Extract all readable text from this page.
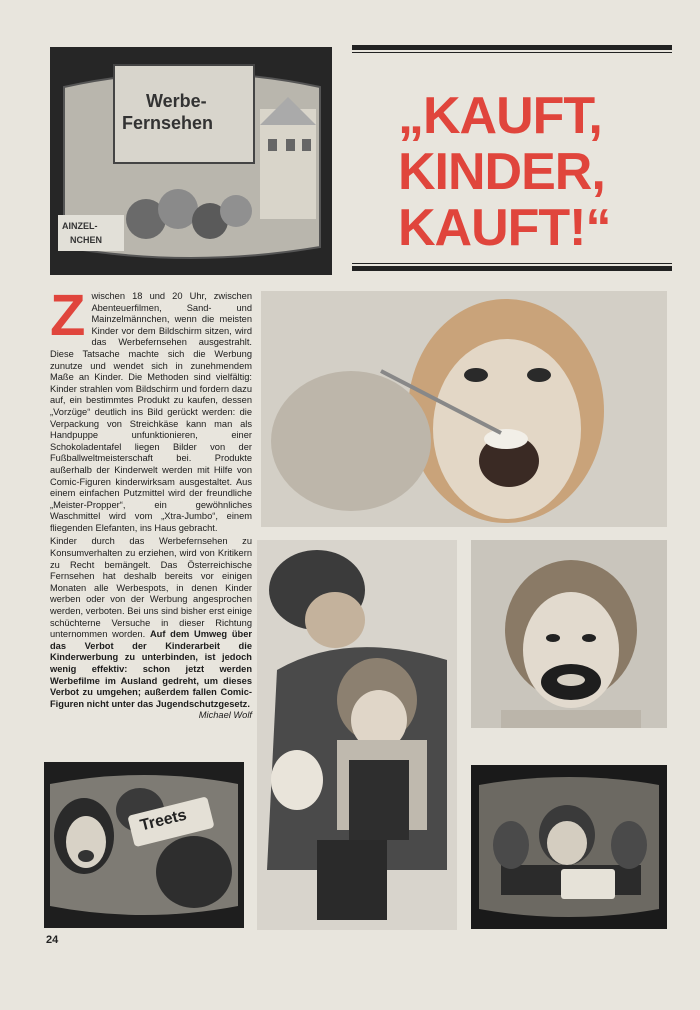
Werbe-
Fernsehen
AINZEL-
NCHEN
„KAUFT,
KINDER,
KAUFT!“
Z wischen 18 und 20 Uhr, zwischen Abenteuerfilmen, Sand- und Mainzelmännchen, wenn die meisten Kinder vor dem Bildschirm sitzen, wird das Werbefernsehen ausgestrahlt. Diese Tatsache machte sich die Werbung zunutze und wendet sich in zunehmendem Maße an Kinder. Die Methoden sind vielfältig: Kinder strahlen vom Bildschirm und fordern dazu auf, ein bestimmtes Produkt zu kaufen, dessen „Vorzüge“ deutlich ins Bild gerückt werden: die Verpackung von Streichkäse kann man als Handpuppe unfunktionieren, einer Schokoladentafel liegen Bilder von der Fußballweltmeisterschaft bei. Produkte außerhalb der Kinderwelt werden mit Hilfe von Comic-Figuren kinderwirksam ausgestaltet. Aus einem einfachen Putzmittel wird der freundliche „Meister-Propper“, ein gewöhnliches Waschmittel wird vom „Xtra-Jumbo“, einem fliegenden Elefanten, ins Haus gebracht.
Kinder durch das Werbefernsehen zu Konsumverhalten zu erziehen, wird von Kritikern zu Recht bemängelt. Das Österreichische Fernsehen hat deshalb bereits vor einigen Monaten alle Werbespots, in denen Kinder werben oder von der Werbung angesprochen werden, verboten. Bei uns sind bisher erst einige schüchterne Versuche in dieser Richtung unternommen worden. Auf dem Umweg über das Verbot der Kinderarbeit die Kinderwerbung zu unterbinden, ist jedoch wenig effektiv: schon jetzt werden Werbefilme im Ausland gedreht, um dieses Verbot zu umgehen; außerdem fallen Comic-Figuren nicht unter das Jugendschutzgesetz.
Michael Wolf
Treets
24
